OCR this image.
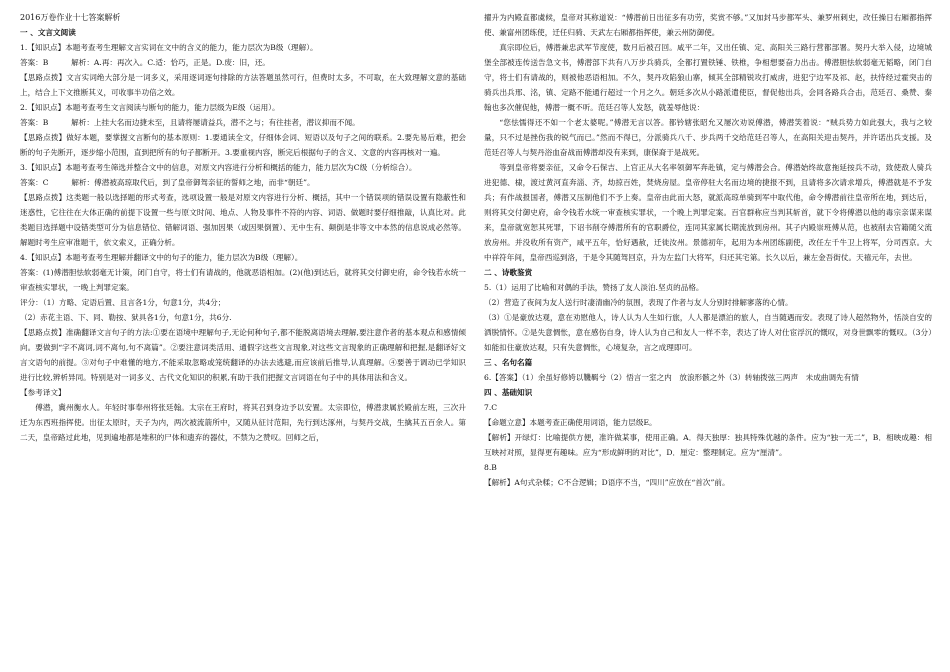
2016万卷作业十七答案解析

一 、文言文阅读

1.【知识点】本题考查考生理解文言实词在文中的含义的能力，能力层次为B级（理解）。

答案：B　　　解析：A.再：再次入。C.适：恰巧，正是。D.废：旧，还。

【思路点拨】文言实词绝大部分是一词多义，采用逐词逐句排除的方法答题虽然可行，但费时太多，不可取，在大致理解文意的基础上，结合上下文推断其义，可收事半功倍之效。

2.【知识点】本题考查考生文言阅读与断句的能力，能力层级为E级（运用）。

答案：B　　　解析：上挂大名而边捷未至，且请将屡请益兵，潜不之与；有往挂者，潜议抑而不闻。

【思路点拨】做好本题，要掌握文言断句的基本原则：1.要通读全文，仔细体会词、短语以及句子之间的联系。2.要先易后难，把会断的句子先断开，逐步缩小范围，直到把所有的句子都断开。3.要重视内容，断完后根据句子的含义、文意的内容再核对一遍。

3.【知识点】本题考查考生筛选并整合文中的信息，对原文内容进行分析和概括的能力，能力层次为C级（分析综合）。

答案：C　　　解析：傅潜被高琼取代后，到了皇帝御驾亲征的誓师之地，而非“朝廷”。

【思路点拨】这类题一般以选择题的形式考查，选项设置一般是对原文内容进行分析、概括，其中一个错误项的错误设置有隐蔽性和迷惑性，它往往在大体正确的前提下设置一些与原文时间、地点、人物及事件不符的内容、词语、做题时要仔细推敲，认真比对。此类题目选择题中设错类型可分为信息错位、错解词语、强加因果（或因果倒置）、无中生有、颠倒是非等文中本然的信息说成必然等。解题时考生应审准题干，依文索义，正确分析。

4.【知识点】本题考查考生理解并翻译文中的句子的能力，能力层次为B级（理解）。

答案：(1)傅潜胆怯软弱毫无计策，闭门自守，将士们有请战的，他就恶语相加。(2)(他)到达后，就将其交付御史府，命令钱若水统一审查核实罪状，一晚上判罪定案。

评分：（1）方略、定语后置、且言各1分，句意1分，共4分；

（2）赤花主语、下、同、勒按、狱具各1分，句意1分，共6分.

【思路点拨】准确翻译文言句子的方法:①要在语境中理解句子,无论何种句子,都不能脱离语境去理解,要注意作者的基本观点和感情倾向。要做到“字不离词,词不离句,句不离篇”。②要注意词类活用、通假字这些文言现象,对这些文言现象的正确理解和把握,是翻译好文言文语句的前提。③对句子中难懂的地方,不能采取忽略或笼统翻译的办法去逃避,而应该前后推导,认真理解。④要善于调动已学知识进行比较,辨析异同。特别是对一词多义、古代文化知识的积累,有助于我们把握文言词语在句子中的具体用法和含义。

【参考译文】

傅潜，冀州衡水人。年轻时事奉州将张廷翰。太宗在王府时，将其召到身边予以安置。太宗即位，傅潜隶属於殿前左班，三次升迁为东西班指挥使。出征太原时，天子为内，两次被流箭所中，又随从征讨范阳，先行到达涿州，与契丹交战，生擒其五百余人。第二天，皇帝路过此地，见到遍地都是堆积的尸体和遗弃的器仗，不禁为之赞叹。回师之后，

擢升为内殿直都虞候，皇帝对其称道说：“傅潜前日出征多有功劳，奖赏不够。”又加封马步都军头、兼罗州刺史，改任操日右厢都指挥使、兼富州团练使，迁任归骑、天武左右厢都指挥使，兼云州防御使。

真宗即位后，傅潜兼忠武军节度使，数月后被召回。咸平二年，又出任镇、定、高阳关三路行营都部署。契丹大举入侵，边境城堡全部被连传送告急文书，傅潜部下共有八万步兵骑兵，全都打置铁锤、铁椎，争相想要奋力出击。傅潜胆怯软弱毫无韬略，闭门自守，将士们有请战的，则被他恶语相加。不久，契丹攻陷狼山寨，倾其全部精锐攻打威虏，进犯宁边军及祁、赵，扶恃经过霍突击的骑兵出兵邢、洺，镇、定路不能通行超过一个月之久。朝廷多次从小路派遣使臣，督促他出兵，会同各路兵合击，范廷召、桑赞、秦翰也多次催促他，傅潜一概不听。范廷召等人发怒，就羞辱他说：

“您怯懦得还不如一个老太婆呢。”傅潜无言以答。都钤辖张昭允又屡次劝说傅潜，傅潜笑着说：“贼兵势力如此强大，我与之较量，只不过是挫伤我的锐气而已。”然而不得已，分派骑兵八千、步兵两千交给范廷召等人，在高阳关迎击契丹，并许诺出兵支援。及范廷召等人与契丹浴血奋战而傅潜却没有来到，康保裔于是战死。

等到皇帝将要亲征，又命令石保吉、上官正从大名率领御军奔赴镇，定与傅潜会合。傅潜始终故意拖延按兵不动，致使敌人骑兵进犯德、棣，渡过黄河直奔淄、齐，劫掠百姓，焚烧房屋。皇帝停驻大名而边境的捷报不到，且请将多次请求增兵，傅潜就是不予发兵；有作战报国者，傅潜又压制他们不予上奏。皇帝由此而大怒，就派高琼单骑到军中取代他，命令傅潜前往皇帝所在地，到达后，则将其交付御史府，命令钱若水统一审查核实罪状，一个晚上判罪定案。百官群称应当判其斩首，就下令将傅潜以他的毒宗亲谋来谋来，皇帝就宽恕其死罪，下诏书削夺傅潜所有的官职爵位，连同其家属长期流放到房州。其子内殿崇班傅从范，也被削去官籍随父流放房州。并没收所有资产，咸平五年，恰好遇赦，迁徙汝州。景德初年，起用为本州团练副使，改任左千牛卫上将军，分司西京。大中祥符年间，皇帝西巡到洛，于是令其随驾回京，升为左监门大将军，归还其宅第。长久以后，兼左金吾街仗。天禧元年，去世。

二 、诗歌鉴赏

5.（1）运用了比喻和对偶的手法，赞扬了友人淡泊.坚贞的品格。

（2）营造了夜间为友人送行时凄清幽冷的氛围，表现了作者与友人分别时排解寥落的心情。

（3）①是豪放达观，意在劝慰他人，诗人认为人生如行旅，人人都是漂泊的旅人，自当随遇而安。表现了诗人超然物外，恬淡自安的洒脱情怀。②是失意惆怅，意在感伤自身，诗人认为自己和友人一样不幸，表达了诗人对仕宦浮沉的慨叹，对身世飘零的慨叹。（3分）如能扣住豪放达观，只有失意惆怅，心境复杂，言之成理即可。

三 、名句名篇

6.【答案】（1）余虽好修姱以鞿羁兮（2）悟言一室之内　放浪形骸之外（3）转轴拨弦三两声　未成曲调先有情

四 、基础知识

7.C

【命题立意】本题考查正确使用词语，能力层级E。

【解析】开绿灯：比喻提供方便，准许做某事，使用正确。A．得天独厚：独具特殊优越的条件。应为“独一无二”，B．相映成趣：相互映衬对照，显得更有趣味。应为“形成鲜明的对比”，D．厘定：整理制定。应为“厘清”。

8.B

【解析】A句式杂糅；C不合逻辑；D语序不当，“四川”应放在“首次”前。
